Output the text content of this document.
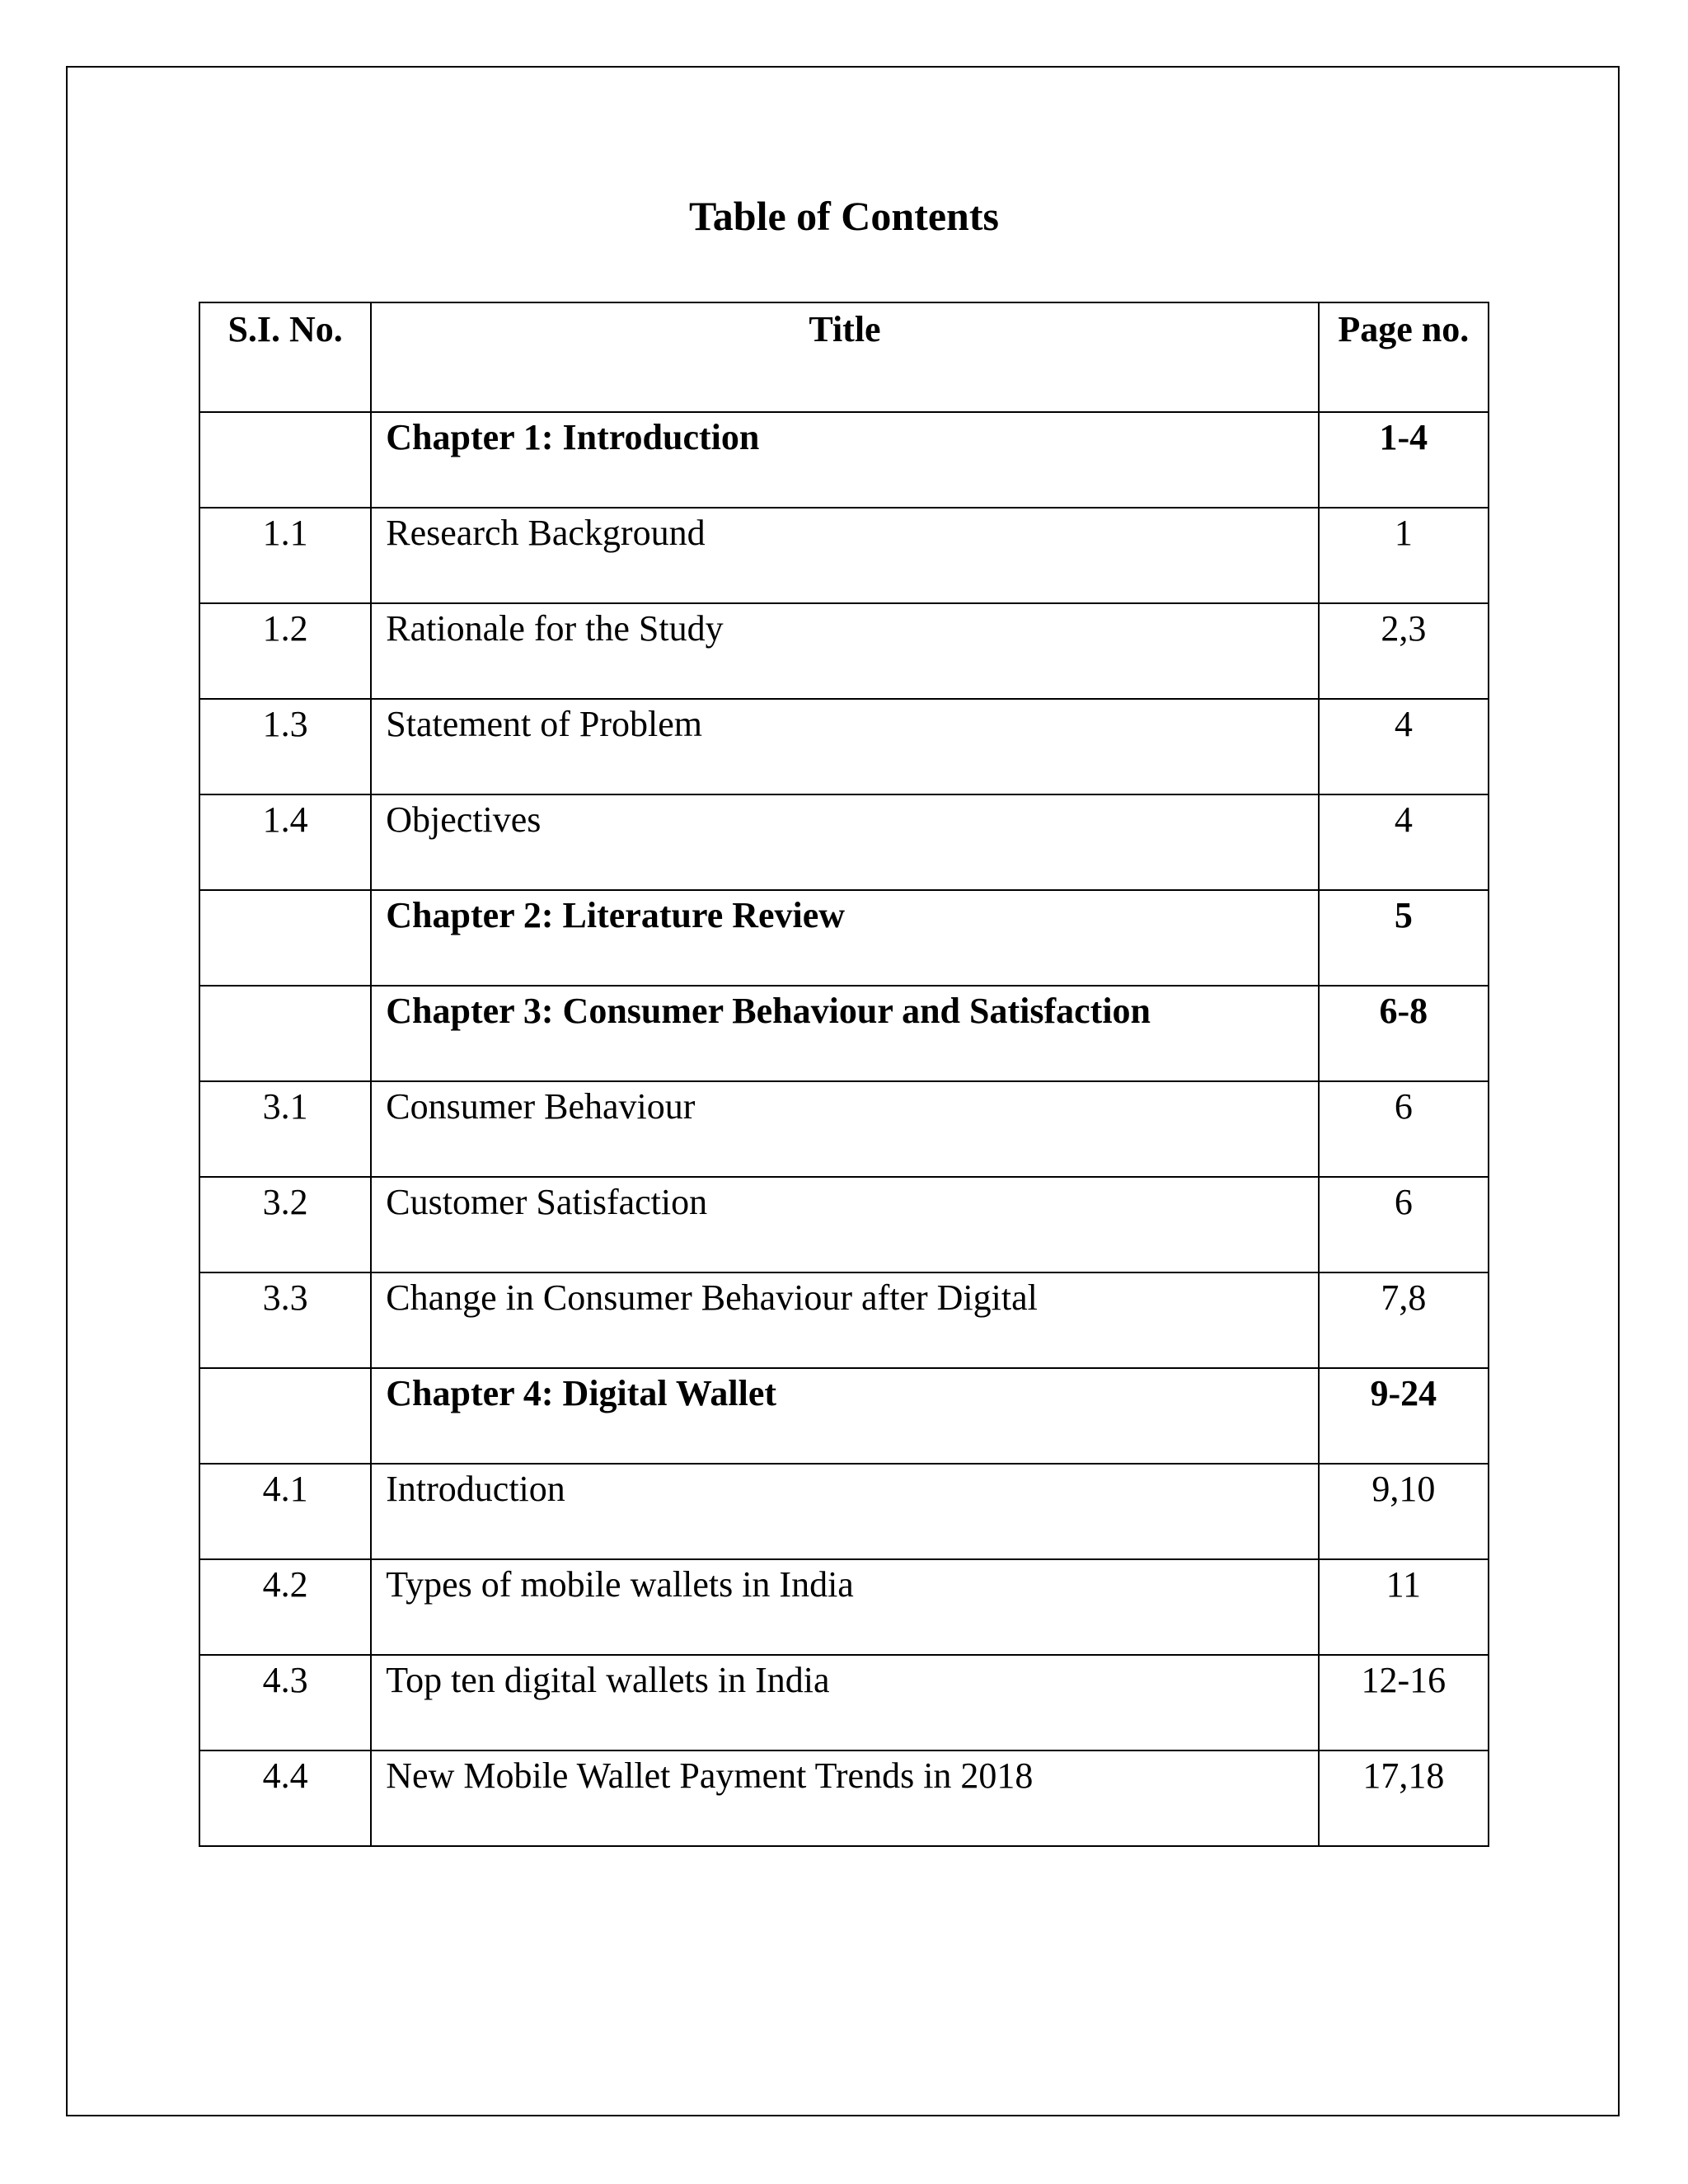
Table of Contents
S.I. No.	Title	Page no.
	Chapter 1: Introduction	1-4
1.1	Research Background	1
1.2	Rationale for the Study	2,3
1.3	Statement of Problem	4
1.4	Objectives	4
	Chapter 2: Literature Review	5
	Chapter 3: Consumer Behaviour and Satisfaction	6-8
3.1	Consumer Behaviour	6
3.2	Customer Satisfaction	6
3.3	Change in Consumer Behaviour after Digital	7,8
	Chapter 4: Digital Wallet	9-24
4.1	Introduction	9,10
4.2	Types of mobile wallets in India	11
4.3	Top ten digital wallets in India	12-16
4.4	New Mobile Wallet Payment Trends in 2018	17,18
